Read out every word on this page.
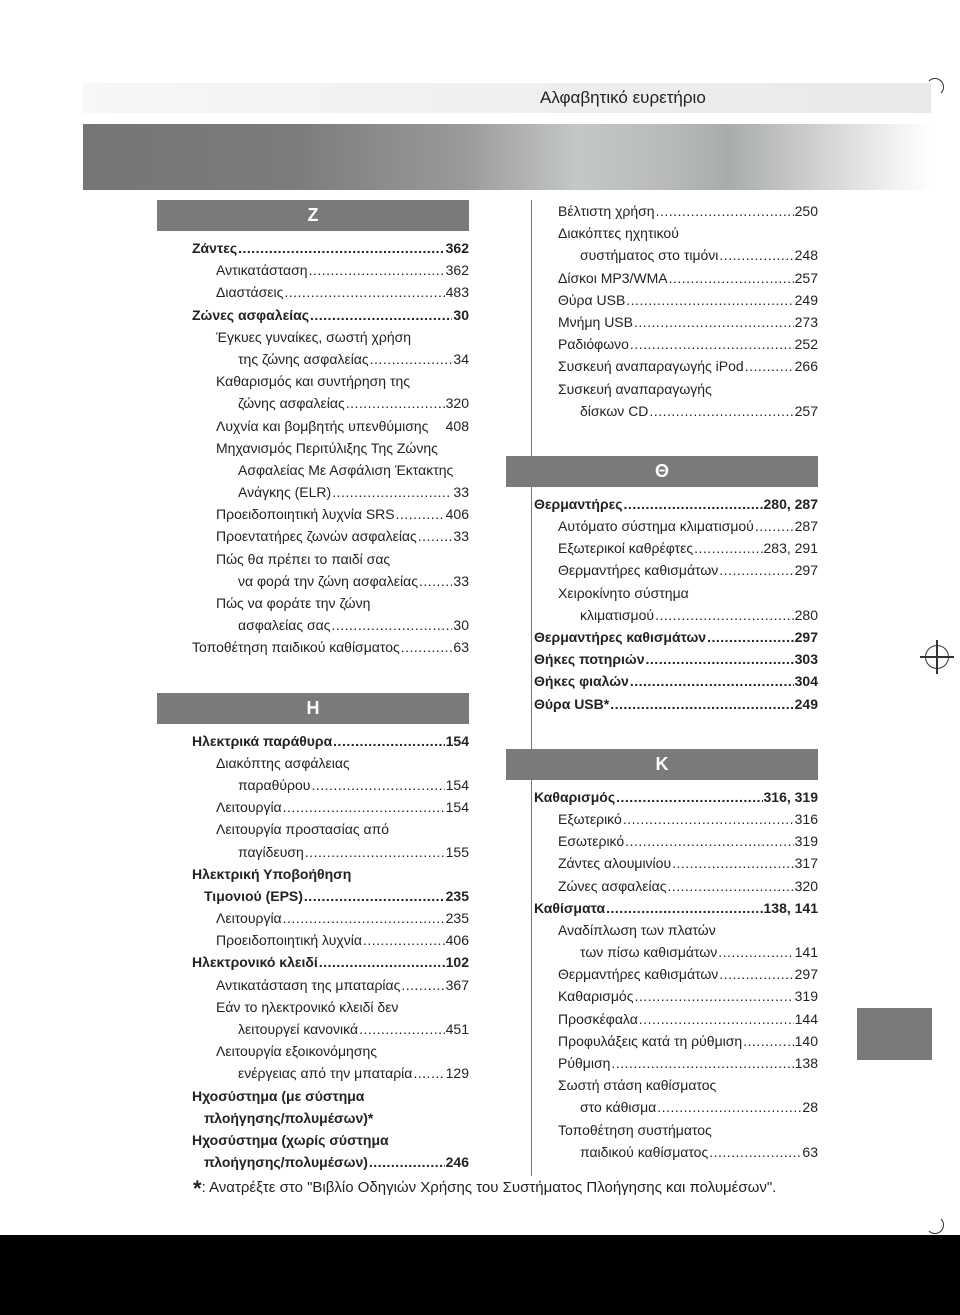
Αλφαβητικό ευρετήριο
Ζ
Ζάντες .....	362
Αντικατάσταση .....	362
Διαστάσεις .....	483
Ζώνες ασφαλείας .....	30
Έγκυες γυναίκες, σωστή χρήση
της ζώνης ασφαλείας .....	34
Καθαρισμός και συντήρηση της
ζώνης ασφαλείας .....	320
Λυχνία και βομβητής υπενθύμισης 408
Μηχανισμός Περιτύλιξης Της Ζώνης
Ασφαλείας Με Ασφάλιση Έκτακτης
Ανάγκης (ELR) .....	33
Προειδοποιητική λυχνία SRS .....	406
Προεντατήρες ζωνών ασφαλείας .....	33
Πώς θα πρέπει το παιδί σας
να φορά την ζώνη ασφαλείας .....	33
Πώς να φοράτε την ζώνη
ασφαλείας σας .....	30
Τοποθέτηση παιδικού καθίσματος .....	63
Η
Ηλεκτρικά παράθυρα .....	154
Διακόπτης ασφάλειας
παραθύρου .....	154
Λειτουργία .....	154
Λειτουργία προστασίας από
παγίδευση .....	155
Ηλεκτρική Υποβοήθηση
Τιμονιού (EPS) .....	235
Λειτουργία .....	235
Προειδοποιητική λυχνία .....	406
Ηλεκτρονικό κλειδί .....	102
Αντικατάσταση της μπαταρίας .....	367
Εάν το ηλεκτρονικό κλειδί δεν
λειτουργεί κανονικά .....	451
Λειτουργία εξοικονόμησης
ενέργειας από την μπαταρία ..... 129
Ηχοσύστημα (με σύστημα
πλοήγησης/πολυμέσων)*
Ηχοσύστημα (χωρίς σύστημα
πλοήγησης/πολυμέσων) .....	246
Βέλτιστη χρήση .....	250
Διακόπτες ηχητικού
συστήματος στο τιμόνι .....	248
Δίσκοι MP3/WMA .....	257
Θύρα USB .....	249
Μνήμη USB .....	273
Ραδιόφωνο .....	252
Συσκευή αναπαραγωγής iPod .....	266
Συσκευή αναπαραγωγής
δίσκων CD .....	257
Θ
Θερμαντήρες .....	280, 287
Αυτόματο σύστημα κλιματισμού .....	287
Εξωτερικοί καθρέφτες .....	283, 291
Θερμαντήρες καθισμάτων .....	297
Χειροκίνητο σύστημα
κλιματισμού .....	280
Θερμαντήρες καθισμάτων .....	297
Θήκες ποτηριών .....	303
Θήκες φιαλών .....	304
Θύρα USB* .....	249
Κ
Καθαρισμός .....	316, 319
Εξωτερικό .....	316
Εσωτερικό .....	319
Ζάντες αλουμινίου .....	317
Ζώνες ασφαλείας .....	320
Καθίσματα .....	138, 141
Αναδίπλωση των πλατών
των πίσω καθισμάτων .....	141
Θερμαντήρες καθισμάτων .....	297
Καθαρισμός .....	319
Προσκέφαλα .....	144
Προφυλάξεις κατά τη ρύθμιση .....	140
Ρύθμιση .....	138
Σωστή στάση καθίσματος
στο κάθισμα .....	28
Τοποθέτηση συστήματος
παιδικού καθίσματος .....	63
*: Ανατρέξτε στο "Βιβλίο Οδηγιών Χρήσης του Συστήματος Πλοήγησης και πολυμέσων".
